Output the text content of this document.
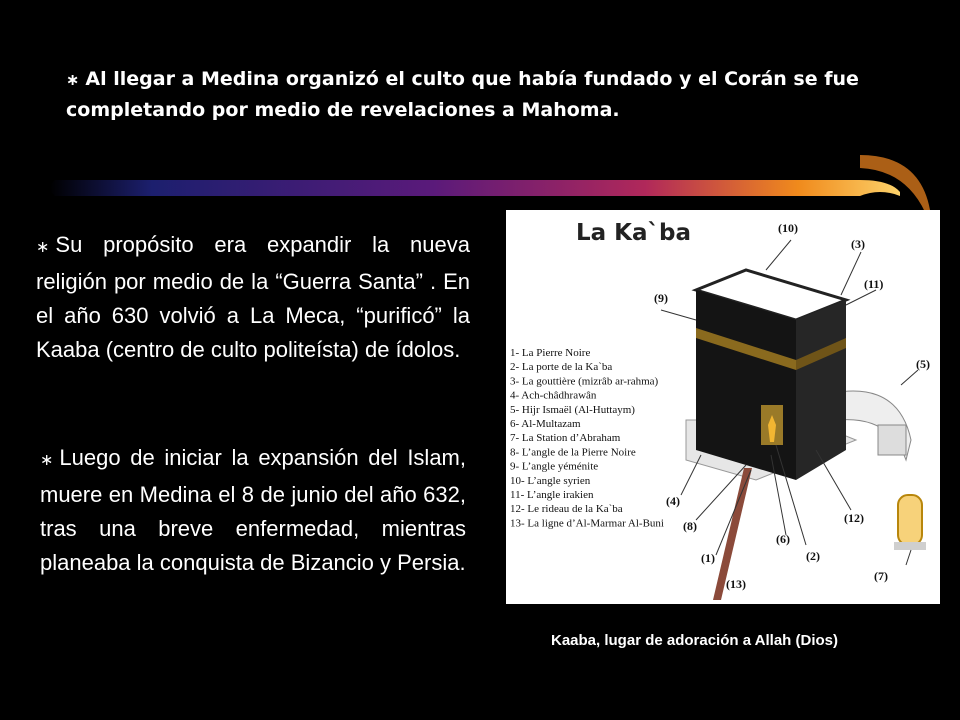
∗ Al llegar a Medina organizó el culto que había fundado y el Corán se fue completando por medio de revelaciones a Mahoma.
∗ Su propósito era expandir la nueva religión por medio de la “Guerra Santa” . En el año 630 volvió a La Meca, “purificó” la Kaaba (centro de culto politeísta) de ídolos.
∗ Luego de iniciar la expansión del Islam, muere en Medina el 8 de junio del año 632, tras una breve enfermedad, mientras planeaba la conquista de Bizancio y Persia.
La Ka`ba
1- La Pierre Noire
2- La porte de la Ka`ba
3- La gouttière (mizrâb ar-rahma)
4- Ach-châdhrawân
5- Hijr Ismaël (Al-Huttaym)
6- Al-Multazam
7- La Station d’Abraham
8- L’angle de la Pierre Noire
9- L’angle yéménite
10- L’angle syrien
11- L’angle irakien
12- Le rideau de la Ka`ba
13- La ligne d’Al-Marmar Al-Buni
(10)
(3)
(9)
(11)
(5)
(4)
(8)
(6)
(12)
(2)
(1)
(13)
(7)
Kaaba, lugar de adoración a Allah (Dios)
